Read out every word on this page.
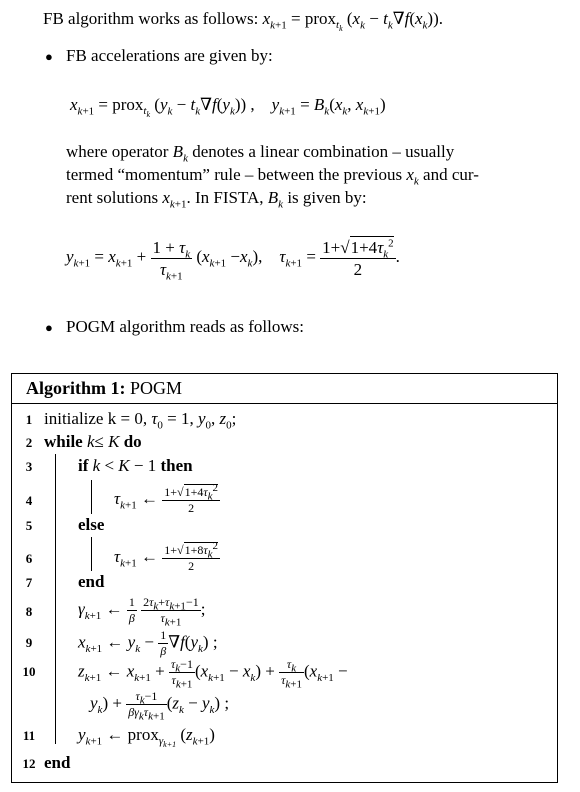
FB algorithm works as follows: $x_{k+1}$ = prox$_{t_k}$ $(x_k - t_k\nabla f(x_k))$.
● FB accelerations are given by:
$x_{k+1}$ = prox$_{t_k}$ $(y_k - t_k\nabla f(y_k))$ ,    $y_{k+1} = B_k(x_k$, $x_{k+1}$)
where operator $B_k$ denotes a linear combination – usually
termed “momentum” rule – between the previous $x_k$ and cur-
rent solutions $x_{k+1}$. In FISTA, $B_k$ is given by:
$y_{k+1} = x_{k+1} + \frac{1 + \tau_k}{\tau_{k+1}} (x_{k+1} -x_k)$,    $\tau_{k+1} = \frac{1+√1+4\tau_k^2}{2}$ .
● POGM algorithm reads as follows:
Algorithm 1: POGM
1
2
3
4
5
6
7
8
9
10
11
12
initialize k = 0, $\tau_0 = 1$, $y_0$, $z_0$;
while k≤ K do
if k < K − 1 then
$\tau_{k+1}$ ← $\frac{1+√1+4\tau_k^2}{2}$
else
$\tau_{k+1}$ ← $\frac{1+√1+8\tau_k^2}{2}$
end
$\gamma_{k+1}$ ← $\frac{1}{\beta}$
$\frac{2\tau_k+\tau_{k+1}-1}{\tau_{k+1}}$ ;
$x_{k+1}$ ← $y_k - \frac{1}{\beta} \nabla f(y_k)$ ;
$z_{k+1}$ ← $x_{k+1} + \frac{\tau_k-1}{\tau_{k+1}} (x_{k+1} - x_k) + \frac{\tau_k}{\tau_{k+1}} (x_{k+1}$ −
$y_k) + \frac{\tau_k-1}{\beta\gamma_k\tau_{k+1}} (z_k - y_k)$ ;
$y_{k+1}$ ← prox$_{\gamma_{k+1}}$ $(z_{k+1})$
end
